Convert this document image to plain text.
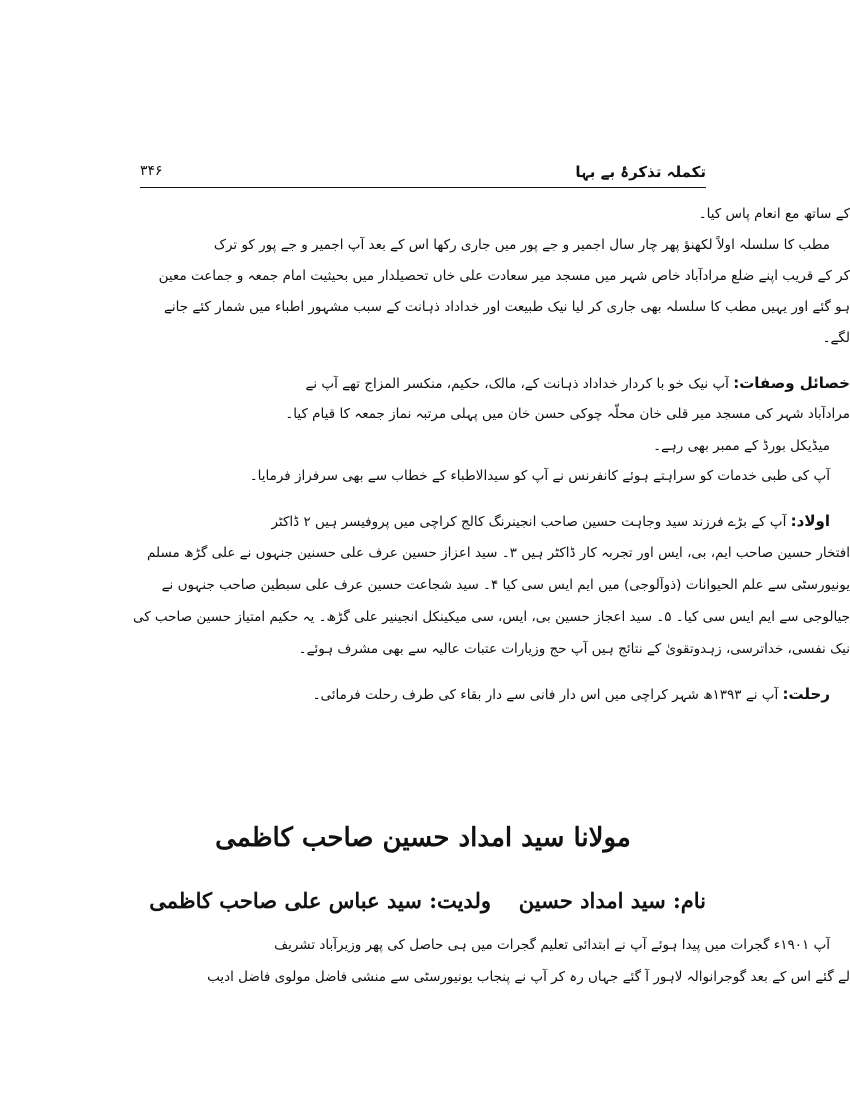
تکملہ تذکرۂ بے بہا
۳۴۶
کے ساتھ مع انعام پاس کیا۔
مطب کا سلسلہ اولاً لکھنؤ پھر چار سال اجمیر و جے پور میں جاری رکھا اس کے بعد آپ اجمیر و جے پور کو ترک
کر کے قریب اپنے ضلع مرادآباد خاص شہر میں مسجد میر سعادت علی خاں تحصیلدار میں بحیثیت امام جمعہ و جماعت معین
ہو گئے اور یہیں مطب کا سلسلہ بھی جاری کر لیا نیک طبیعت اور خداداد ذہانت کے سبب مشہور اطباء میں شمار کئے جانے
لگے۔
خصائل وصفات: آپ نیک خو با کردار خداداد ذہانت کے، مالک، حکیم، منکسر المزاج تھے آپ نے
مرادآباد شہر کی مسجد میر قلی خان محلّہ چوکی حسن خان میں پہلی مرتبہ نماز جمعہ کا قیام کیا۔
میڈیکل بورڈ کے ممبر بھی رہے۔
آپ کی طبی خدمات کو سراہتے ہوئے کانفرنس نے آپ کو سیدالاطباء کے خطاب سے بھی سرفراز فرمایا۔
اولاد: آپ کے بڑے فرزند سید وجاہت حسین صاحب انجینرنگ کالج کراچی میں پروفیسر ہیں ۲ ڈاکٹر
افتخار حسین صاحب ایم، بی، ایس اور تجربہ کار ڈاکٹر ہیں ۳۔ سید اعزاز حسین عرف علی حسنین جنہوں نے علی گڑھ مسلم
یونیورسٹی سے علم الحیوانات (ذوآلوجی) میں ایم ایس سی کیا ۴۔ سید شجاعت حسین عرف علی سبطین صاحب جنہوں نے
جیالوجی سے ایم ایس سی کیا۔ ۵۔ سید اعجاز حسین بی، ایس، سی میکینکل انجینیر علی گڑھ۔ یہ حکیم امتیاز حسین صاحب کی
نیک نفسی، خداترسی، زہدوتقویٰ کے نتائج ہیں آپ حج وزیارات عتبات عالیہ سے بھی مشرف ہوئے۔
رحلت: آپ نے ۱۳۹۳ھ شہر کراچی میں اس دار فانی سے دار بقاء کی طرف رحلت فرمائی۔
مولانا سید امداد حسین صاحب کاظمی
نام: سید امداد حسین
ولدیت: سید عباس علی صاحب کاظمی
آپ ۱۹۰۱ء گجرات میں پیدا ہوئے آپ نے ابتدائی تعلیم گجرات میں ہی حاصل کی پھر وزیرآباد تشریف
لے گئے اس کے بعد گوجرانوالہ لاہور آ گئے جہاں رہ کر آپ نے پنجاب یونیورسٹی سے منشی فاضل مولوی فاضل ادیب
